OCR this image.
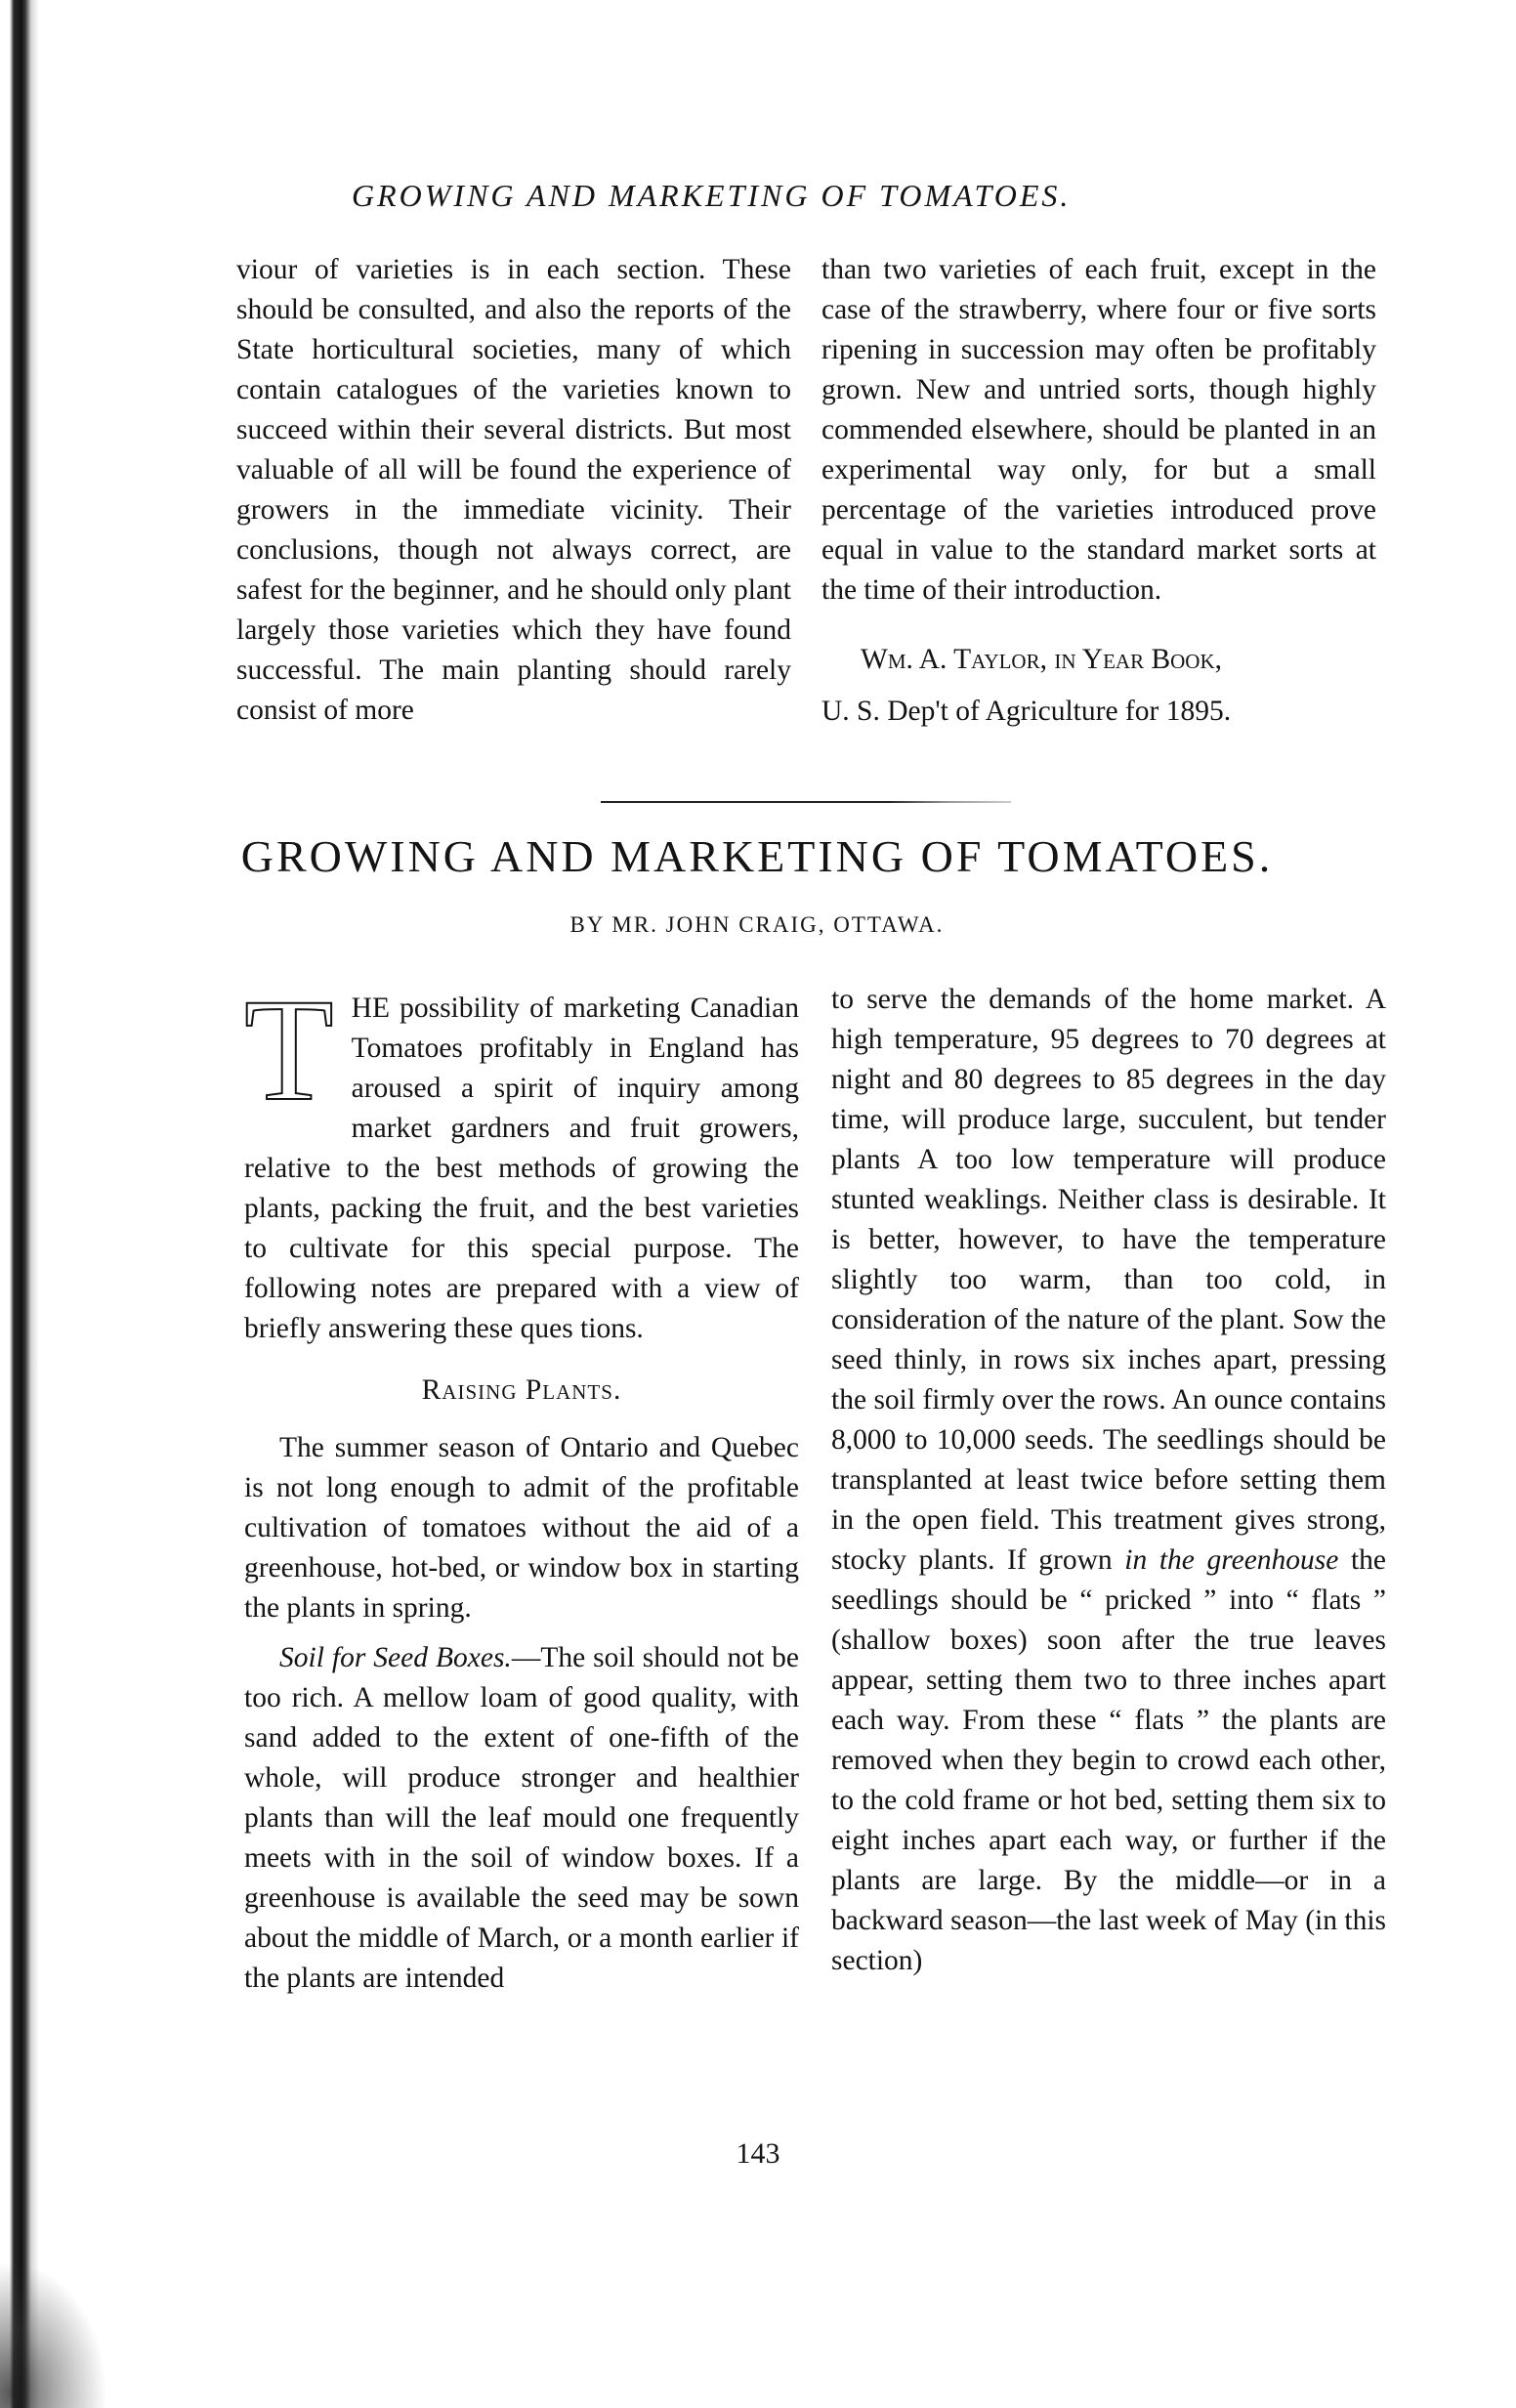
GROWING AND MARKETING OF TOMATOES.

viour of varieties is in each section. These should be consulted, and also the reports of the State horticultural societies, many of which contain catalogues of the varieties known to succeed within their several districts. But most valuable of all will be found the experience of growers in the immediate vicinity. Their conclusions, though not always correct, are safest for the beginner, and he should only plant largely those varieties which they have found successful. The main planting should rarely consist of more

than two varieties of each fruit, except in the case of the strawberry, where four or five sorts ripening in succession may often be profitably grown. New and untried sorts, though highly commended elsewhere, should be planted in an experimental way only, for but a small percentage of the varieties introduced prove equal in value to the standard market sorts at the time of their introduction.

Wm. A. Taylor, in Year Book,

U. S. Dep't of Agriculture for 1895.

GROWING AND MARKETING OF TOMATOES.
BY MR. JOHN CRAIG, OTTAWA.

THE possibility of marketing Canadian Tomatoes profitably in England has aroused a spirit of inquiry among market gardners and fruit growers, relative to the best methods of growing the plants, packing the fruit, and the best varieties to cultivate for this special purpose. The following notes are prepared with a view of briefly answering these ques tions.

Raising Plants.

The summer season of Ontario and Quebec is not long enough to admit of the profitable cultivation of tomatoes without the aid of a greenhouse, hot-bed, or window box in starting the plants in spring.

Soil for Seed Boxes.—The soil should not be too rich. A mellow loam of good quality, with sand added to the extent of one-fifth of the whole, will produce stronger and healthier plants than will the leaf mould one frequently meets with in the soil of window boxes. If a greenhouse is available the seed may be sown about the middle of March, or a month earlier if the plants are intended

to serve the demands of the home market. A high temperature, 95 degrees to 70 degrees at night and 80 degrees to 85 degrees in the day time, will produce large, succulent, but tender plants A too low temperature will produce stunted weaklings. Neither class is desirable. It is better, however, to have the temperature slightly too warm, than too cold, in consideration of the nature of the plant. Sow the seed thinly, in rows six inches apart, pressing the soil firmly over the rows. An ounce contains 8,000 to 10,000 seeds. The seedlings should be transplanted at least twice before setting them in the open field. This treatment gives strong, stocky plants. If grown in the greenhouse the seedlings should be “ pricked ” into “ flats ” (shallow boxes) soon after the true leaves appear, setting them two to three inches apart each way. From these “ flats ” the plants are removed when they begin to crowd each other, to the cold frame or hot bed, setting them six to eight inches apart each way, or further if the plants are large. By the middle—or in a backward season—the last week of May (in this section)

143
